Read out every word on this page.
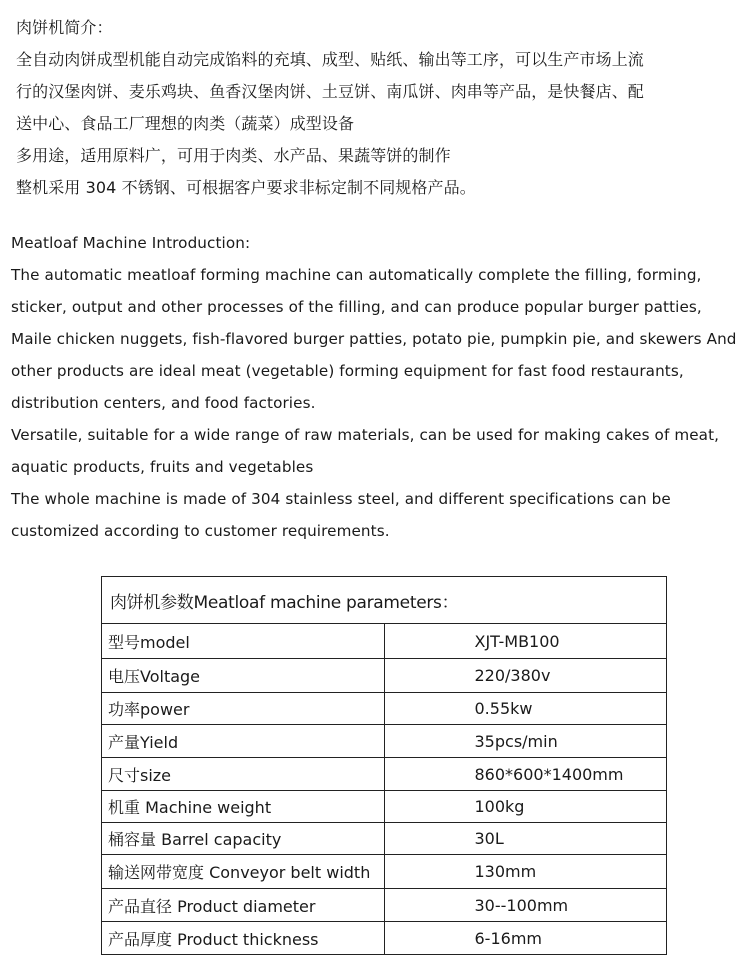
肉饼机简介：
全自动肉饼成型机能自动完成馅料的充填、成型、贴纸、输出等工序，可以生产市场上流
行的汉堡肉饼、麦乐鸡块、鱼香汉堡肉饼、土豆饼、南瓜饼、肉串等产品，是快餐店、配
送中心、食品工厂理想的肉类（蔬菜）成型设备
多用途，适用原料广，可用于肉类、水产品、果蔬等饼的制作
整机采用 304 不锈钢、可根据客户要求非标定制不同规格产品。
Meatloaf Machine Introduction:
The automatic meatloaf forming machine can automatically complete the filling, forming,
sticker, output and other processes of the filling, and can produce popular burger patties,
Maile chicken nuggets, fish-flavored burger patties, potato pie, pumpkin pie, and skewers And
other products are ideal meat (vegetable) forming equipment for fast food restaurants,
distribution centers, and food factories.
Versatile, suitable for a wide range of raw materials, can be used for making cakes of meat,
aquatic products, fruits and vegetables
The whole machine is made of 304 stainless steel, and different specifications can be
customized according to customer requirements.
肉饼机参数Meatloaf machine parameters：	
型号model	XJT-MB100
电压Voltage	220/380v
功率power	0.55kw
产量Yield	35pcs/min
尺寸size	860*600*1400mm
机重 Machine weight	100kg
桶容量 Barrel capacity	30L
输送网带宽度 Conveyor belt width	130mm
产品直径 Product diameter	30--100mm
产品厚度 Product thickness	6-16mm
